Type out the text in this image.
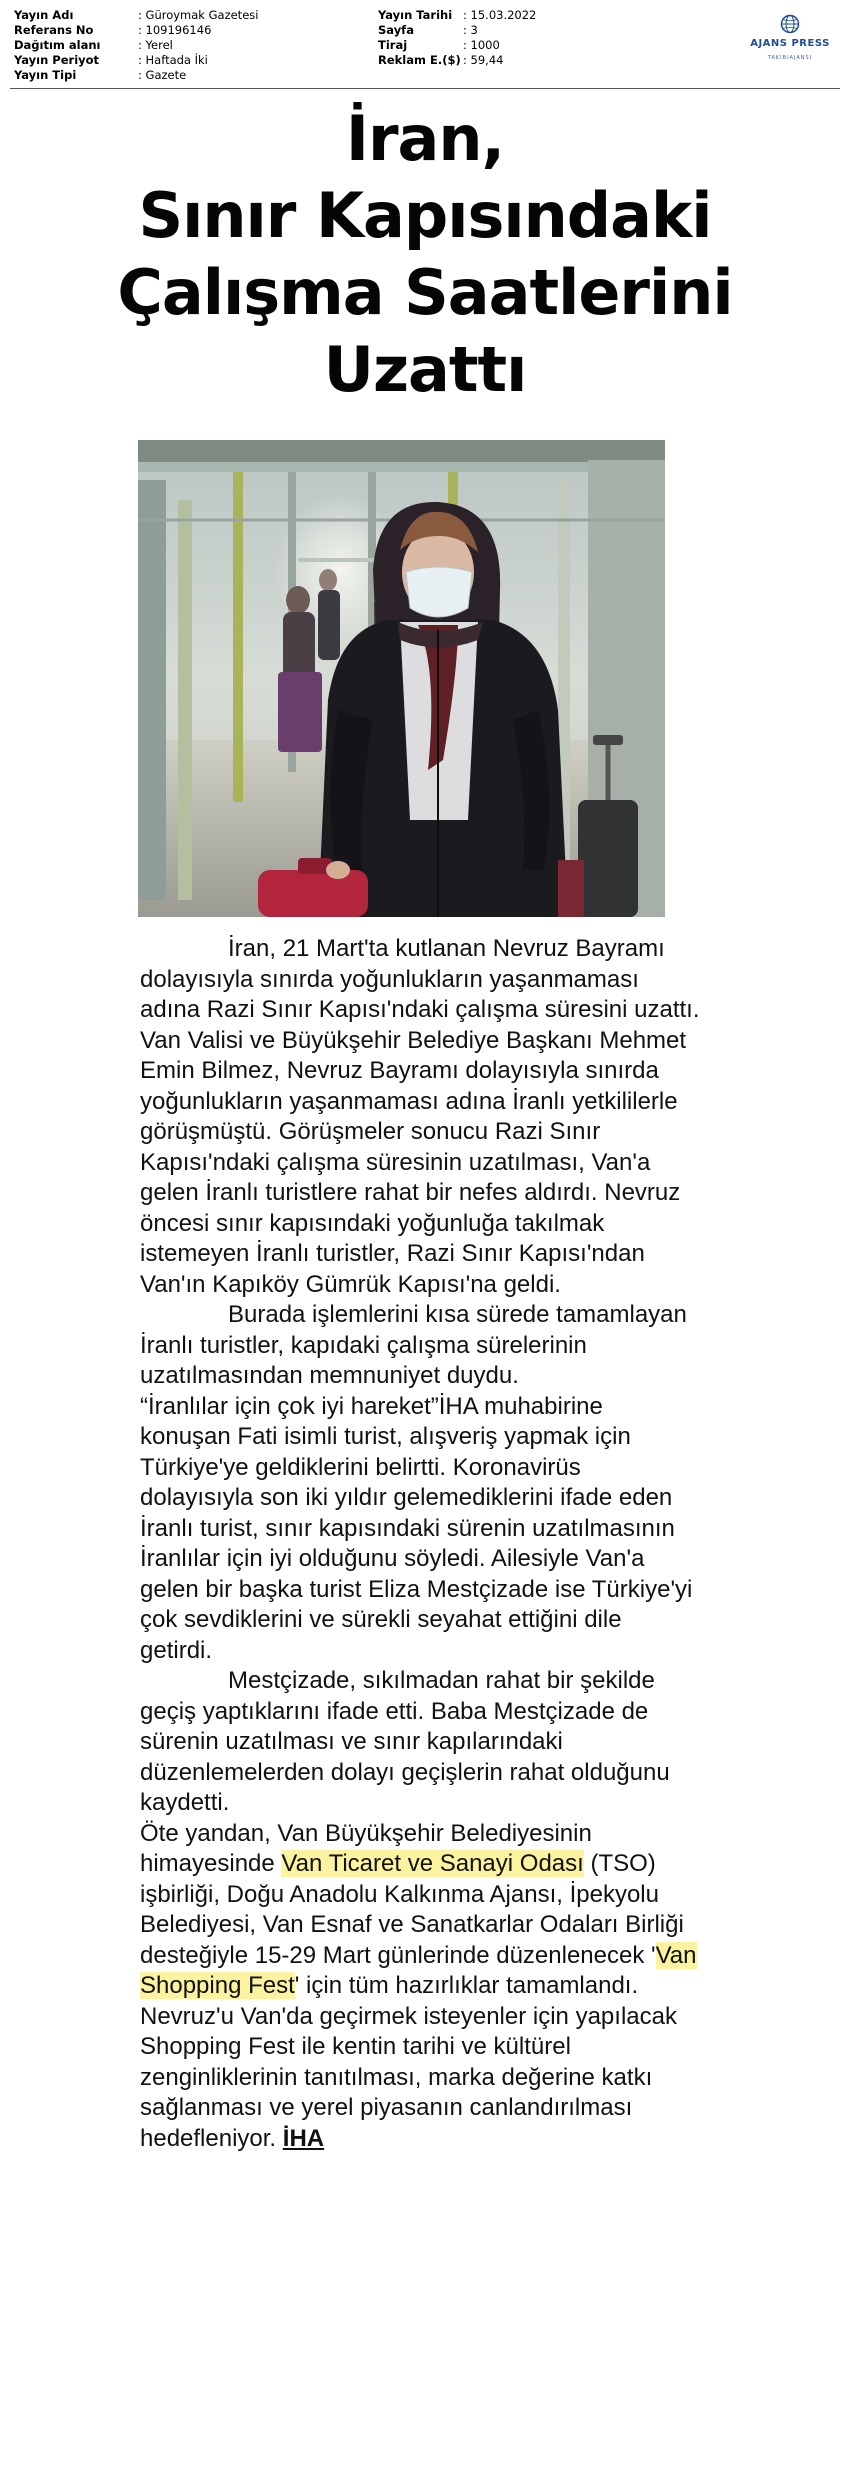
Yayın Adı	: Güroymak Gazetesi
Referans No	: 109196146
Dağıtım alanı	: Yerel
Yayın Periyot	: Haftada İki
Yayın Tipi	: Gazete
Yayın Tarihi : 15.03.2022
Sayfa	: 3
Tiraj	: 1000
Reklam E.($) : 59,44
AJANS PRESS
TAKIBIAJANSI
İran,
Sınır Kapısındaki
Çalışma Saatlerini
Uzattı

İran, 21 Mart'ta kutlanan Nevruz Bayramı dolayısıyla sınırda yoğunlukların yaşanmaması adına Razi Sınır Kapısı'ndaki çalışma süresini uzattı.

Van Valisi ve Büyükşehir Belediye Başkanı Mehmet Emin Bilmez, Nevruz Bayramı dolayısıyla sınırda yoğunlukların yaşanmaması adına İranlı yetkililerle görüşmüştü. Görüşmeler sonucu Razi Sınır Kapısı'ndaki çalışma süresinin uzatılması, Van'a gelen İranlı turistlere rahat bir nefes aldırdı. Nevruz öncesi sınır kapısındaki yoğunluğa takılmak istemeyen İranlı turistler, Razi Sınır Kapısı'ndan Van'ın Kapıköy Gümrük Kapısı'na geldi.

Burada işlemlerini kısa sürede tamamlayan İranlı turistler, kapıdaki çalışma sürelerinin uzatılmasından memnuniyet duydu.

“İranlılar için çok iyi hareket”İHA muhabirine konuşan Fati isimli turist, alışveriş yapmak için Türkiye'ye geldiklerini belirtti. Koronavirüs dolayısıyla son iki yıldır gelemediklerini ifade eden İranlı turist, sınır kapısındaki sürenin uzatılmasının İranlılar için iyi olduğunu söyledi. Ailesiyle Van'a gelen bir başka turist Eliza Mestçizade ise Türkiye'yi çok sevdiklerini ve sürekli seyahat ettiğini dile getirdi.

Mestçizade, sıkılmadan rahat bir şekilde geçiş yaptıklarını ifade etti. Baba Mestçizade de sürenin uzatılması ve sınır kapılarındaki düzenlemelerden dolayı geçişlerin rahat olduğunu kaydetti.

Öte yandan, Van Büyükşehir Belediyesinin himayesinde Van Ticaret ve Sanayi Odası (TSO) işbirliği, Doğu Anadolu Kalkınma Ajansı, İpekyolu Belediyesi, Van Esnaf ve Sanatkarlar Odaları Birliği desteğiyle 15-29 Mart günlerinde düzenlenecek 'Van Shopping Fest' için tüm hazırlıklar tamamlandı. Nevruz'u Van'da geçirmek isteyenler için yapılacak Shopping Fest ile kentin tarihi ve kültürel zenginliklerinin tanıtılması, marka değerine katkı sağlanması ve yerel piyasanın canlandırılması hedefleniyor. İHA
